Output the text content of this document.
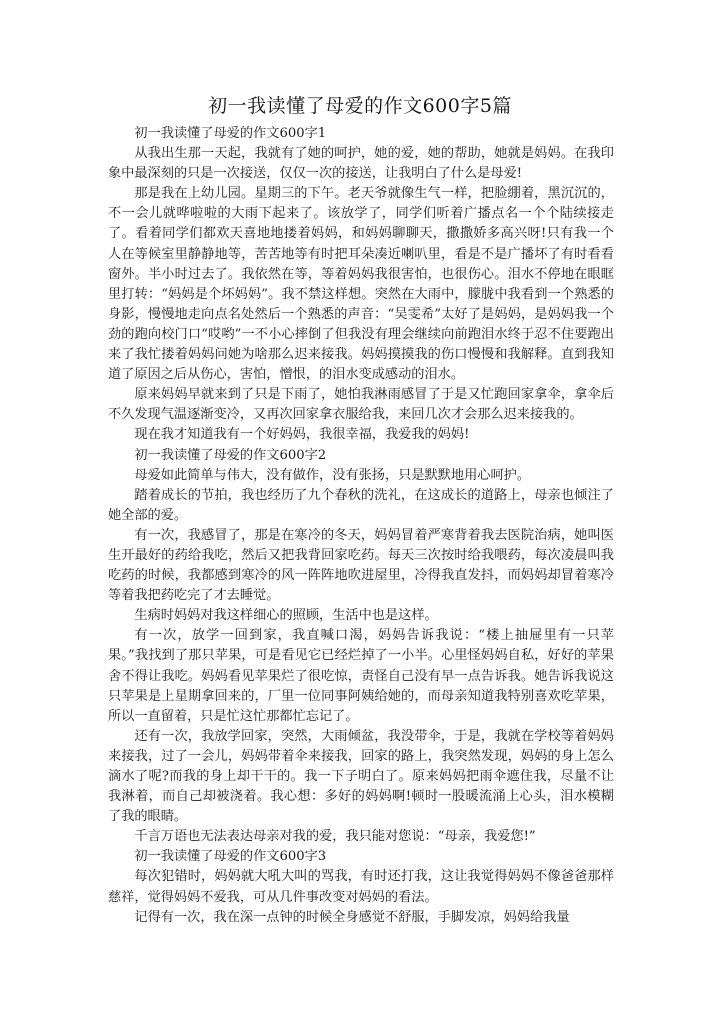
初一我读懂了母爱的作文600字5篇

初一我读懂了母爱的作文600字1

从我出生那一天起，我就有了她的呵护，她的爱，她的帮助，她就是妈妈。在我印象中最深刻的只是一次接送，仅仅一次的接送，让我明白了什么是母爱!

那是我在上幼儿园。星期三的下午。老天爷就像生气一样，把脸绷着，黑沉沉的，不一会儿就哗啦啦的大雨下起来了。该放学了，同学们听着广播点名一个个陆续接走了。看着同学们都欢天喜地地搂着妈妈，和妈妈聊聊天，撒撒娇多高兴呀!只有我一个人在等候室里静静地等，苦苦地等有时把耳朵凑近喇叭里，看是不是广播坏了有时看看窗外。半小时过去了。我依然在等，等着妈妈我很害怕，也很伤心。泪水不停地在眼眶里打转：“妈妈是个坏妈妈”。我不禁这样想。突然在大雨中，朦胧中我看到一个熟悉的身影，慢慢地走向点名处然后一个熟悉的声音：“吴雯希”太好了是妈妈，是妈妈我一个劲的跑向校门口“哎哟”一不小心摔倒了但我没有理会继续向前跑泪水终于忍不住要跑出来了我忙搂着妈妈问她为啥那么迟来接我。妈妈摸摸我的伤口慢慢和我解释。直到我知道了原因之后从伤心，害怕，憎恨，的泪水变成感动的泪水。

原来妈妈早就来到了只是下雨了，她怕我淋雨感冒了于是又忙跑回家拿伞，拿伞后不久发现气温逐渐变冷，又再次回家拿衣服给我，来回几次才会那么迟来接我的。

现在我才知道我有一个好妈妈，我很幸福，我爱我的妈妈!

初一我读懂了母爱的作文600字2

母爱如此简单与伟大，没有做作，没有张扬，只是默默地用心呵护。

踏着成长的节拍，我也经历了九个春秋的洗礼，在这成长的道路上，母亲也倾注了她全部的爱。

有一次，我感冒了，那是在寒冷的冬天，妈妈冒着严寒背着我去医院治病，她叫医生开最好的药给我吃，然后又把我背回家吃药。每天三次按时给我喂药，每次凌晨叫我吃药的时候，我都感到寒冷的风一阵阵地吹进屋里，冷得我直发抖，而妈妈却冒着寒冷等着我把药吃完了才去睡觉。

生病时妈妈对我这样细心的照顾，生活中也是这样。

有一次，放学一回到家，我直喊口渴，妈妈告诉我说：“楼上抽屉里有一只苹果。”我找到了那只苹果，可是看见它已经烂掉了一小半。心里怪妈妈自私，好好的苹果舍不得让我吃。妈妈看见苹果烂了很吃惊，责怪自己没有早一点告诉我。她告诉我说这只苹果是上星期拿回来的，厂里一位同事阿姨给她的，而母亲知道我特别喜欢吃苹果，所以一直留着，只是忙这忙那都忙忘记了。

还有一次，我放学回家，突然，大雨倾盆，我没带伞，于是，我就在学校等着妈妈来接我，过了一会儿，妈妈带着伞来接我，回家的路上，我突然发现，妈妈的身上怎么滴水了呢?而我的身上却干干的。我一下子明白了。原来妈妈把雨伞遮住我，尽量不让我淋着，而自己却被浇着。我心想：多好的妈妈啊!顿时一股暖流涌上心头，泪水模糊了我的眼睛。

千言万语也无法表达母亲对我的爱，我只能对您说：“母亲，我爱您!”

初一我读懂了母爱的作文600字3

每次犯错时，妈妈就大吼大叫的骂我，有时还打我，这让我觉得妈妈不像爸爸那样慈祥，觉得妈妈不爱我，可从几件事改变对妈妈的看法。

记得有一次，我在深一点钟的时候全身感觉不舒服，手脚发凉，妈妈给我量
